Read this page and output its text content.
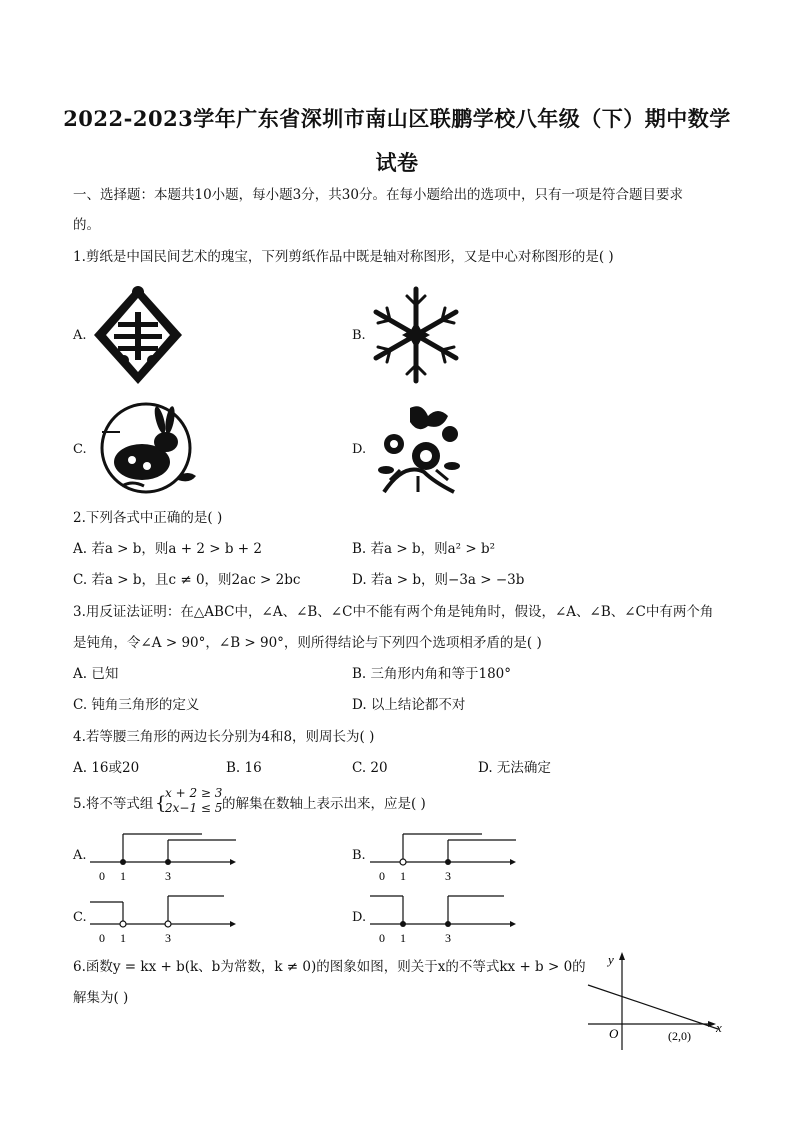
2022-2023学年广东省深圳市南山区联鹏学校八年级（下）期中数学
试卷
一、选择题：本题共10小题，每小题3分，共30分。在每小题给出的选项中，只有一项是符合题目要求
的。
1.剪纸是中国民间艺术的瑰宝，下列剪纸作品中既是轴对称图形，又是中心对称图形的是( )
A.	B.
C.	D.
2.下列各式中正确的是( )
A. 若a > b，则a + 2 > b + 2	B. 若a > b，则a² > b²
C. 若a > b，且c ≠ 0，则2ac > 2bc	D. 若a > b，则−3a > −3b
3.用反证法证明：在△ABC中，∠A、∠B、∠C中不能有两个角是钝角时，假设，∠A、∠B、∠C中有两个角
是钝角，令∠A > 90°，∠B > 90°，则所得结论与下列四个选项相矛盾的是( )
A. 已知	B. 三角形内角和等于180°
C. 钝角三角形的定义	D. 以上结论都不对
4.若等腰三角形的两边长分别为4和8，则周长为( )
A. 16或20	B. 16	C. 20	D. 无法确定
5.将不等式组 {
x + 2 ≥ 3
2x−1 ≤ 5 的解集在数轴上表示出来，应是( )
A.
0 1	3
B.
0 1	3
C.
0 1	3
D.
0 1	3
6.函数y = kx + b(k、b为常数，k ≠ 0)的图象如图，则关于x的不等式kx + b > 0的
解集为( )
y
x
O	(2,0)
